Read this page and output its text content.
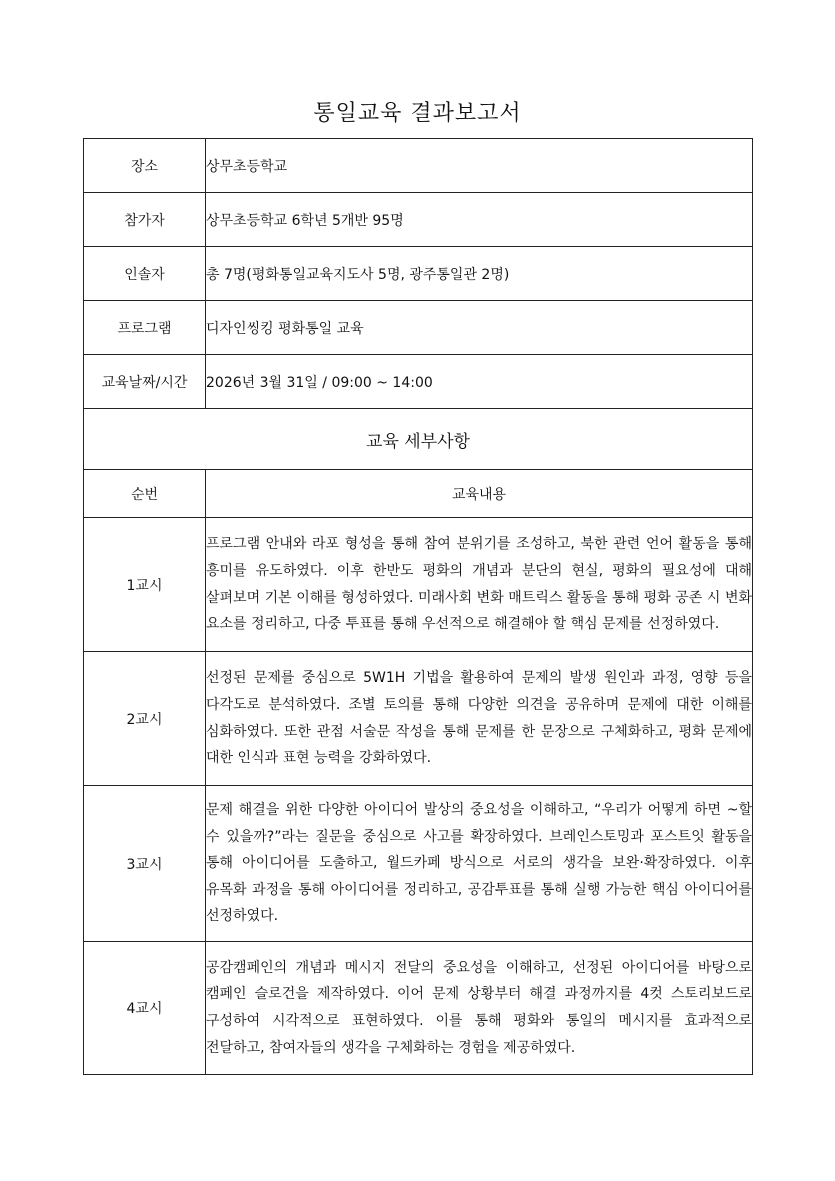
통일교육 결과보고서
장소	상무초등학교
참가자	상무초등학교 6학년 5개반 95명
인솔자	총 7명(평화통일교육지도사 5명, 광주통일관 2명)
프로그램	디자인씽킹 평화통일 교육
교육날짜/시간	2026년 3월 31일 / 09:00 ~ 14:00
교육 세부사항	
순번	교육내용
1교시	프로그램 안내와 라포 형성을 통해 참여 분위기를 조성하고, 북한 관련 언어 활동을 통해 흥미를 유도하였다. 이후 한반도 평화의 개념과 분단의 현실, 평화의 필요성에 대해 살펴보며 기본 이해를 형성하였다. 미래사회 변화 매트릭스 활동을 통해 평화 공존 시 변화 요소를 정리하고, 다중 투표를 통해 우선적으로 해결해야 할 핵심 문제를 선정하였다.
2교시	선정된 문제를 중심으로 5W1H 기법을 활용하여 문제의 발생 원인과 과정, 영향 등을 다각도로 분석하였다. 조별 토의를 통해 다양한 의견을 공유하며 문제에 대한 이해를 심화하였다. 또한 관점 서술문 작성을 통해 문제를 한 문장으로 구체화하고, 평화 문제에 대한 인식과 표현 능력을 강화하였다.
3교시	문제 해결을 위한 다양한 아이디어 발상의 중요성을 이해하고, “우리가 어떻게 하면 ~할 수 있을까?”라는 질문을 중심으로 사고를 확장하였다. 브레인스토밍과 포스트잇 활동을 통해 아이디어를 도출하고, 월드카페 방식으로 서로의 생각을 보완·확장하였다. 이후 유목화 과정을 통해 아이디어를 정리하고, 공감투표를 통해 실행 가능한 핵심 아이디어를 선정하였다.
4교시	공감캠페인의 개념과 메시지 전달의 중요성을 이해하고, 선정된 아이디어를 바탕으로 캠페인 슬로건을 제작하였다. 이어 문제 상황부터 해결 과정까지를 4컷 스토리보드로 구성하여 시각적으로 표현하였다. 이를 통해 평화와 통일의 메시지를 효과적으로 전달하고, 참여자들의 생각을 구체화하는 경험을 제공하였다.
